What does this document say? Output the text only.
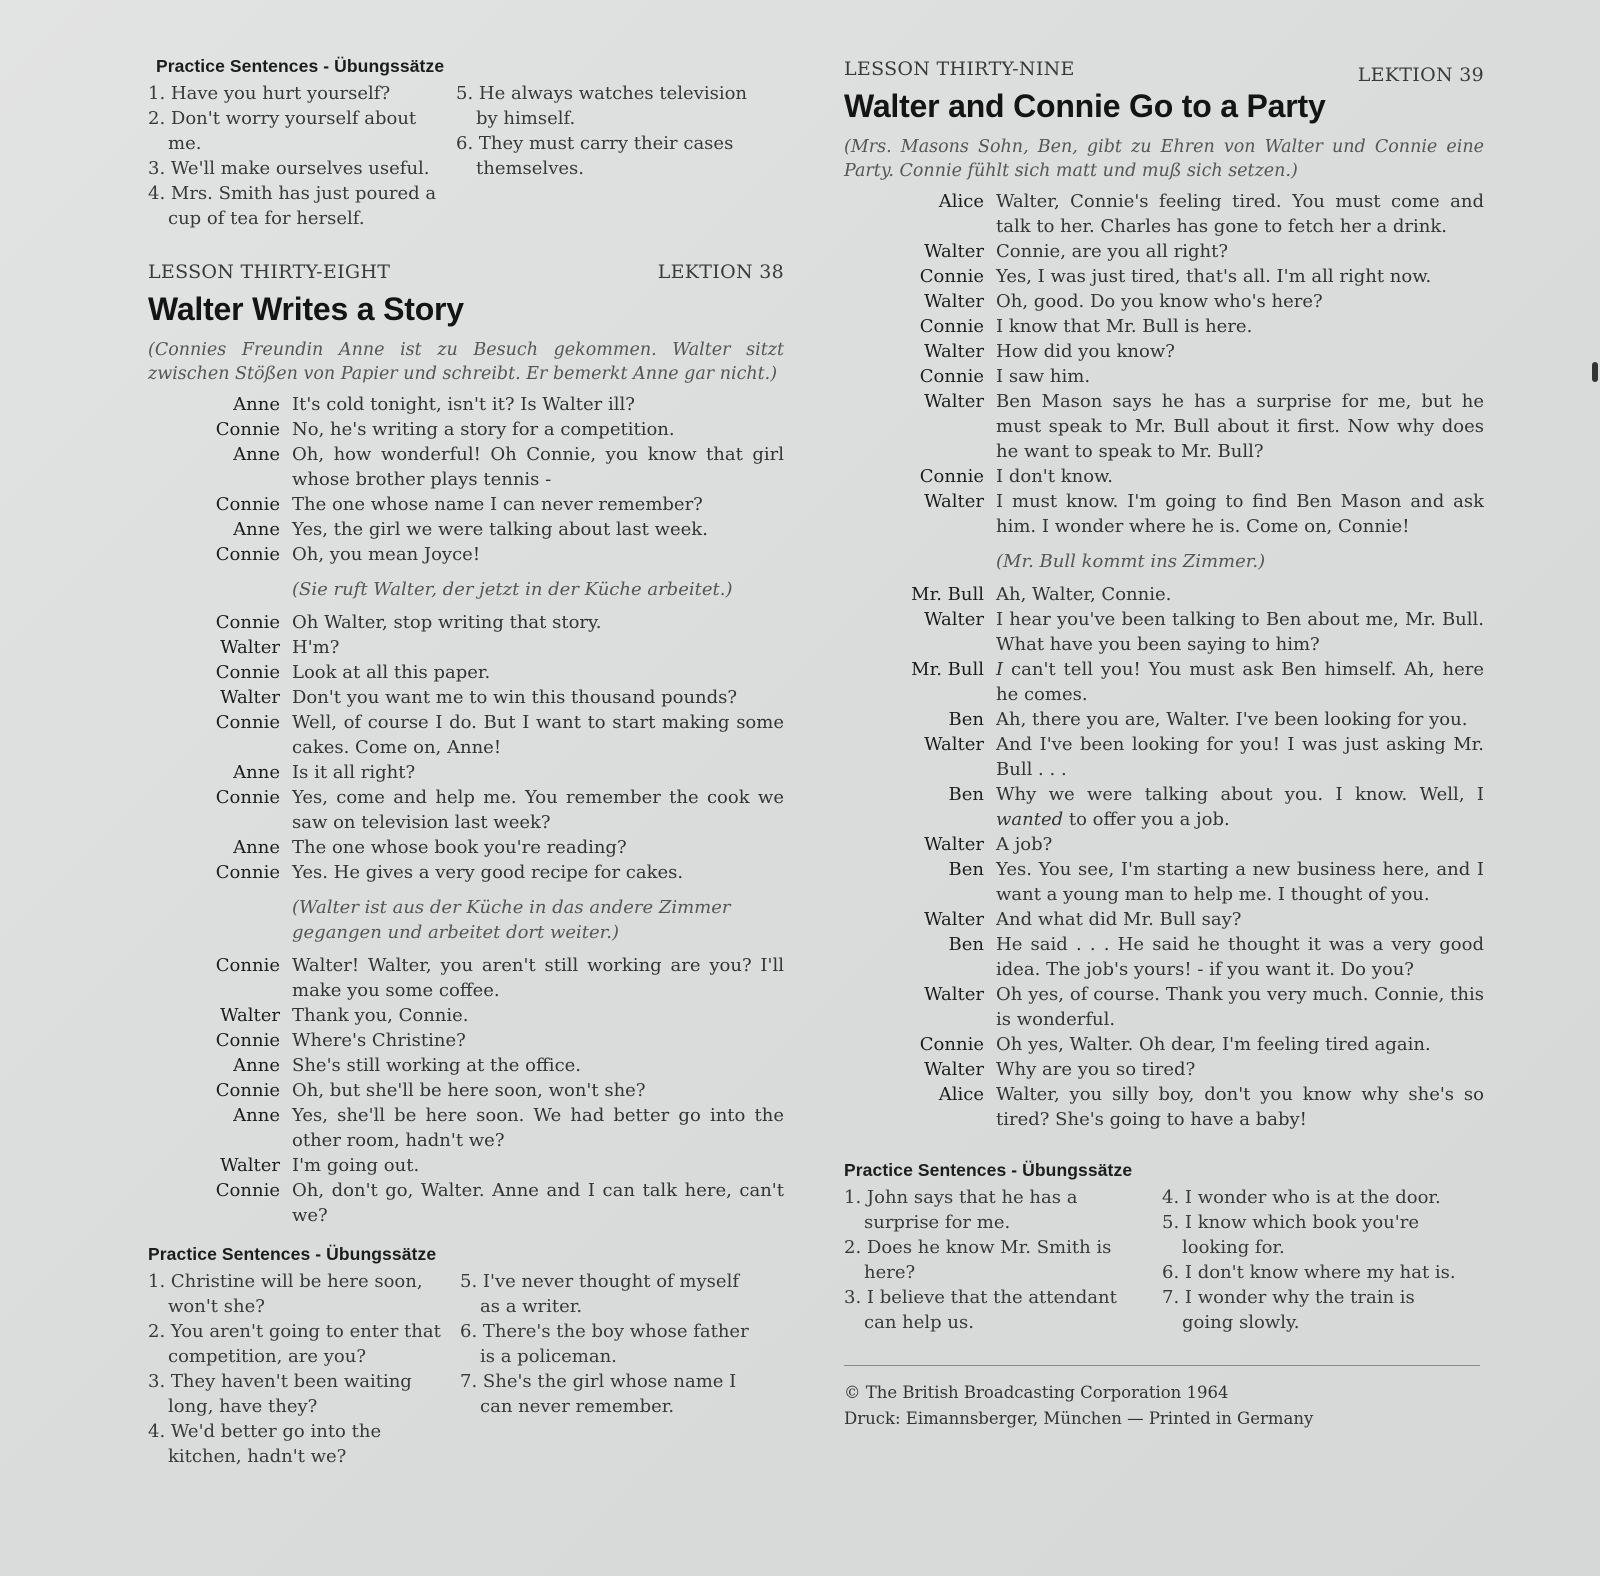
Practice Sentences - Übungssätze
1. Have you hurt yourself?
2. Don't worry yourself about me.
3. We'll make ourselves useful.
4. Mrs. Smith has just poured a cup of tea for herself.
5. He always watches television by himself.
6. They must carry their cases themselves.
LESSON THIRTY-EIGHT	LEKTION 38
Walter Writes a Story
(Connies Freundin Anne ist zu Besuch gekommen. Walter sitzt zwischen Stößen von Papier und schreibt. Er bemerkt Anne gar nicht.)
Anne It's cold tonight, isn't it? Is Walter ill?
Connie No, he's writing a story for a competition.
Anne Oh, how wonderful! Oh Connie, you know that girl whose brother plays tennis -
Connie The one whose name I can never remember?
Anne Yes, the girl we were talking about last week.
Connie Oh, you mean Joyce!
(Sie ruft Walter, der jetzt in der Küche arbeitet.)
Connie Oh Walter, stop writing that story.
Walter H'm?
Connie Look at all this paper.
Walter Don't you want me to win this thousand pounds?
Connie Well, of course I do. But I want to start making some cakes. Come on, Anne!
Anne Is it all right?
Connie Yes, come and help me. You remember the cook we saw on television last week?
Anne The one whose book you're reading?
Connie Yes. He gives a very good recipe for cakes.
(Walter ist aus der Küche in das andere Zimmer gegangen und arbeitet dort weiter.)
Connie Walter! Walter, you aren't still working are you? I'll make you some coffee.
Walter Thank you, Connie.
Connie Where's Christine?
Anne She's still working at the office.
Connie Oh, but she'll be here soon, won't she?
Anne Yes, she'll be here soon. We had better go into the other room, hadn't we?
Walter I'm going out.
Connie Oh, don't go, Walter. Anne and I can talk here, can't we?
Practice Sentences - Übungssätze
1. Christine will be here soon, won't she?
2. You aren't going to enter that competition, are you?
3. They haven't been waiting long, have they?
4. We'd better go into the kitchen, hadn't we?
5. I've never thought of myself as a writer.
6. There's the boy whose father is a policeman.
7. She's the girl whose name I can never remember.
LESSON THIRTY-NINE	LEKTION 39
Walter and Connie Go to a Party
(Mrs. Masons Sohn, Ben, gibt zu Ehren von Walter und Connie eine Party. Connie fühlt sich matt und muß sich setzen.)
Alice Walter, Connie's feeling tired. You must come and talk to her. Charles has gone to fetch her a drink.
Walter Connie, are you all right?
Connie Yes, I was just tired, that's all. I'm all right now.
Walter Oh, good. Do you know who's here?
Connie I know that Mr. Bull is here.
Walter How did you know?
Connie I saw him.
Walter Ben Mason says he has a surprise for me, but he must speak to Mr. Bull about it first. Now why does he want to speak to Mr. Bull?
Connie I don't know.
Walter I must know. I'm going to find Ben Mason and ask him. I wonder where he is. Come on, Connie!
(Mr. Bull kommt ins Zimmer.)
Mr. Bull Ah, Walter, Connie.
Walter I hear you've been talking to Ben about me, Mr. Bull. What have you been saying to him?
Mr. Bull I can't tell you! You must ask Ben himself. Ah, here he comes.
Ben Ah, there you are, Walter. I've been looking for you.
Walter And I've been looking for you! I was just asking Mr. Bull . . .
Ben Why we were talking about you. I know. Well, I wanted to offer you a job.
Walter A job?
Ben Yes. You see, I'm starting a new business here, and I want a young man to help me. I thought of you.
Walter And what did Mr. Bull say?
Ben He said . . . He said he thought it was a very good idea. The job's yours! - if you want it. Do you?
Walter Oh yes, of course. Thank you very much. Connie, this is wonderful.
Connie Oh yes, Walter. Oh dear, I'm feeling tired again.
Walter Why are you so tired?
Alice Walter, you silly boy, don't you know why she's so tired? She's going to have a baby!
Practice Sentences - Übungssätze
1. John says that he has a surprise for me.
2. Does he know Mr. Smith is here?
3. I believe that the attendant can help us.
4. I wonder who is at the door.
5. I know which book you're looking for.
6. I don't know where my hat is.
7. I wonder why the train is going slowly.
© The British Broadcasting Corporation 1964
Druck: Eimannsberger, München — Printed in Germany
